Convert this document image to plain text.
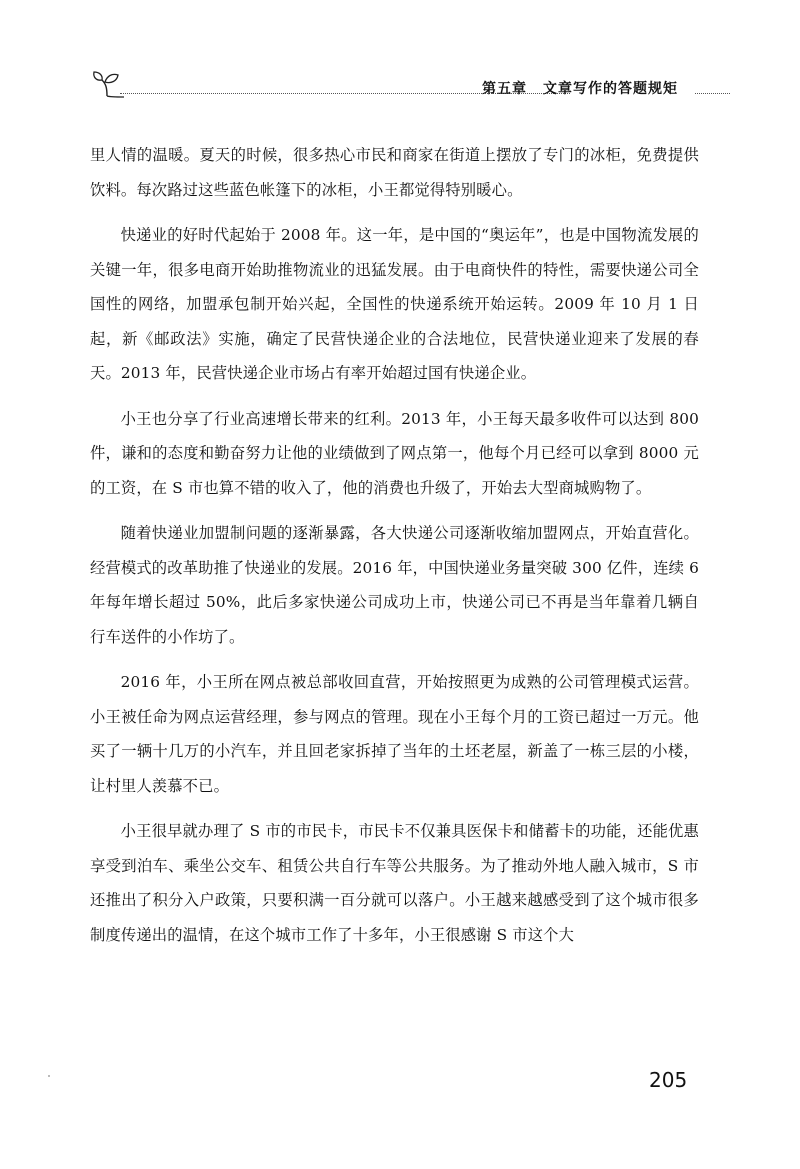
第五章 文章写作的答题规矩

里人情的温暖。夏天的时候，很多热心市民和商家在街道上摆放了专门的冰柜，免费提供饮料。每次路过这些蓝色帐篷下的冰柜，小王都觉得特别暖心。

快递业的好时代起始于 2008 年。这一年，是中国的“奥运年”，也是中国物流发展的关键一年，很多电商开始助推物流业的迅猛发展。由于电商快件的特性，需要快递公司全国性的网络，加盟承包制开始兴起，全国性的快递系统开始运转。2009 年 10 月 1 日起，新《邮政法》实施，确定了民营快递企业的合法地位，民营快递业迎来了发展的春天。2013 年，民营快递企业市场占有率开始超过国有快递企业。

小王也分享了行业高速增长带来的红利。2013 年，小王每天最多收件可以达到 800 件，谦和的态度和勤奋努力让他的业绩做到了网点第一，他每个月已经可以拿到 8000 元的工资，在 S 市也算不错的收入了，他的消费也升级了，开始去大型商城购物了。

随着快递业加盟制问题的逐渐暴露，各大快递公司逐渐收缩加盟网点，开始直营化。经营模式的改革助推了快递业的发展。2016 年，中国快递业务量突破 300 亿件，连续 6 年每年增长超过 50%，此后多家快递公司成功上市，快递公司已不再是当年靠着几辆自行车送件的小作坊了。

2016 年，小王所在网点被总部收回直营，开始按照更为成熟的公司管理模式运营。小王被任命为网点运营经理，参与网点的管理。现在小王每个月的工资已超过一万元。他买了一辆十几万的小汽车，并且回老家拆掉了当年的土坯老屋，新盖了一栋三层的小楼，让村里人羡慕不已。

小王很早就办理了 S 市的市民卡，市民卡不仅兼具医保卡和储蓄卡的功能，还能优惠享受到泊车、乘坐公交车、租赁公共自行车等公共服务。为了推动外地人融入城市，S 市还推出了积分入户政策，只要积满一百分就可以落户。小王越来越感受到了这个城市很多制度传递出的温情，在这个城市工作了十多年，小王很感谢 S 市这个大

205
